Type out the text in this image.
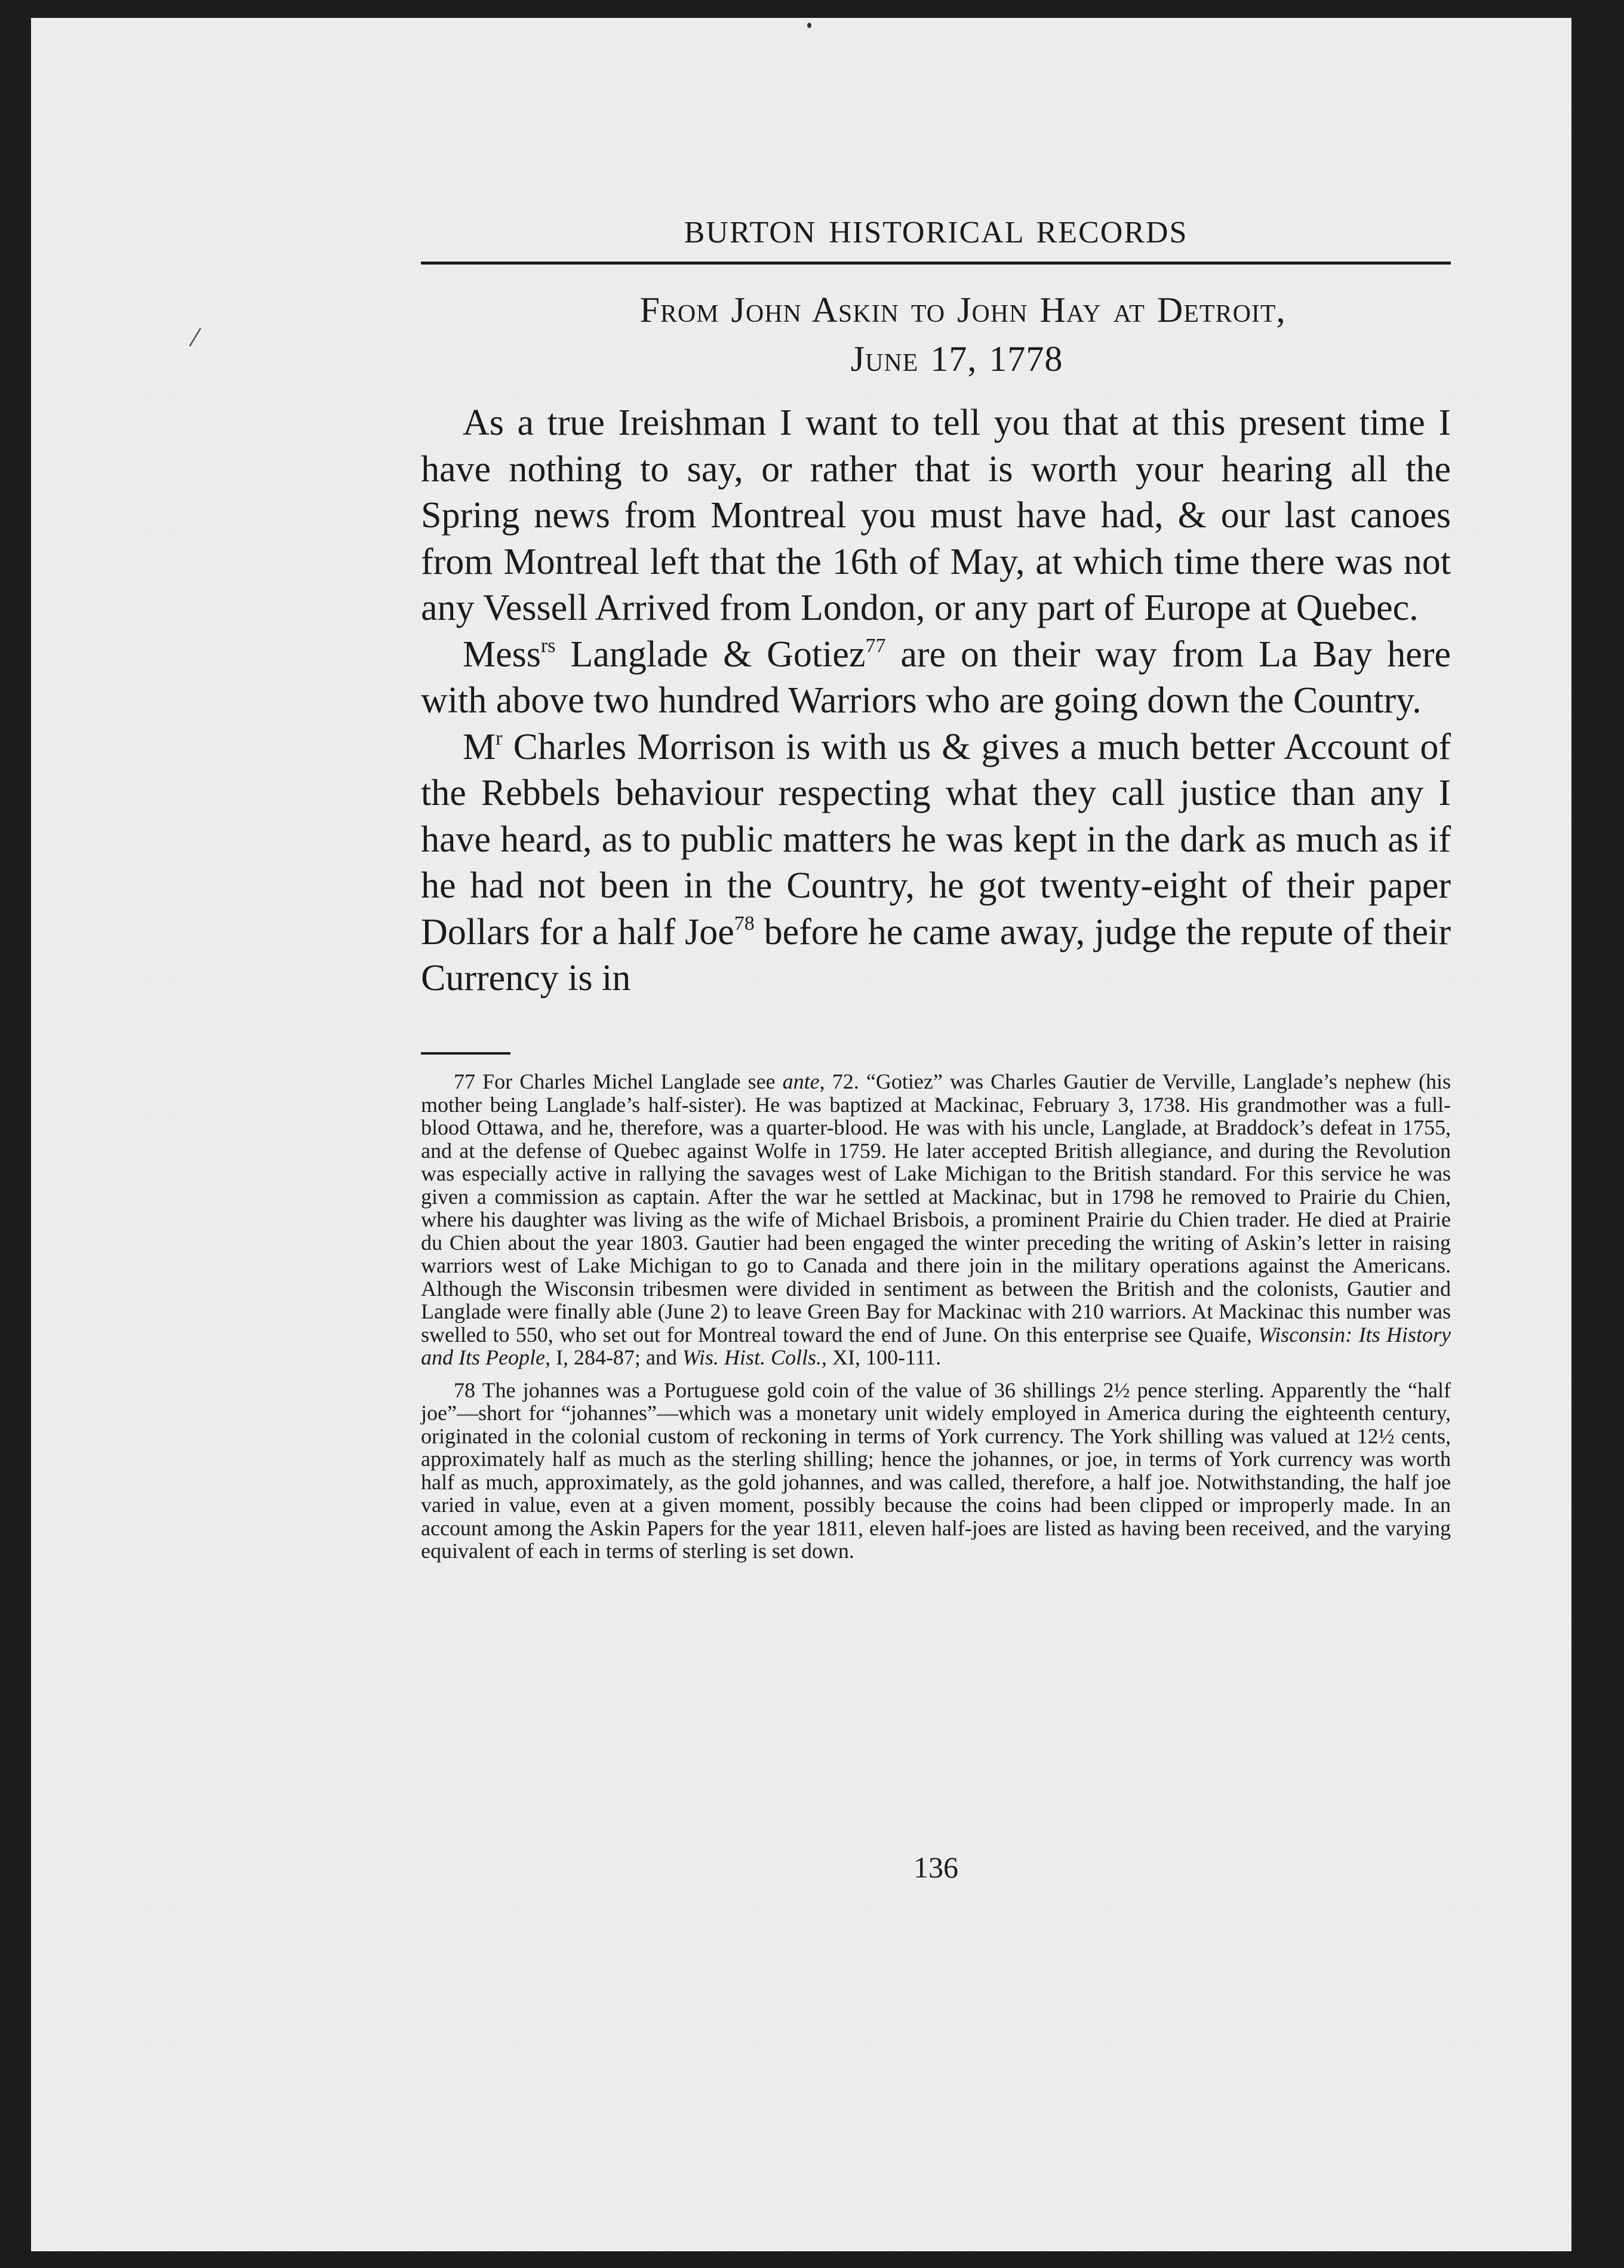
/
BURTON HISTORICAL RECORDS
From John Askin to John Hay at Detroit,
June 17, 1778

As a true Ireishman I want to tell you that at this present time I have nothing to say, or rather that is worth your hearing all the Spring news from Montreal you must have had, & our last canoes from Montreal left that the 16th of May, at which time there was not any Vessell Arrived from London, or any part of Europe at Quebec.

Mess$^{rs}$ Langlade & Gotiez$^{77}$ are on their way from La Bay here with above two hundred Warriors who are going down the Country.

$M^r$ Charles Morrison is with us & gives a much better Account of the Rebbels behaviour respecting what they call justice than any I have heard, as to public matters he was kept in the dark as much as if he had not been in the Country, he got twenty-eight of their paper Dollars for a half Joe$^{78}$ before he came away, judge the repute of their Currency is in

77 For Charles Michel Langlade see ante, 72. “Gotiez” was Charles Gautier de Verville, Langlade’s nephew (his mother being Langlade’s half-sister). He was baptized at Mackinac, February 3, 1738. His grandmother was a full-blood Ottawa, and he, therefore, was a quarter-blood. He was with his uncle, Langlade, at Braddock’s defeat in 1755, and at the defense of Quebec against Wolfe in 1759. He later accepted British allegiance, and during the Revolution was especially active in rallying the savages west of Lake Michigan to the British standard. For this service he was given a commission as captain. After the war he settled at Mackinac, but in 1798 he removed to Prairie du Chien, where his daughter was living as the wife of Michael Brisbois, a prominent Prairie du Chien trader. He died at Prairie du Chien about the year 1803. Gautier had been engaged the winter preceding the writing of Askin’s letter in raising warriors west of Lake Michigan to go to Canada and there join in the military operations against the Americans. Although the Wisconsin tribesmen were divided in sentiment as between the British and the colonists, Gautier and Langlade were finally able (June 2) to leave Green Bay for Mackinac with 210 warriors. At Mackinac this number was swelled to 550, who set out for Montreal toward the end of June. On this enterprise see Quaife, Wisconsin: Its History and Its People, I, 284-87; and Wis. Hist. Colls., XI, 100-111.

78 The johannes was a Portuguese gold coin of the value of 36 shillings 2½ pence sterling. Apparently the “half joe”—short for “johannes”—which was a monetary unit widely employed in America during the eighteenth century, originated in the colonial custom of reckoning in terms of York currency. The York shilling was valued at 12½ cents, approximately half as much as the sterling shilling; hence the johannes, or joe, in terms of York currency was worth half as much, approximately, as the gold johannes, and was called, therefore, a half joe. Notwithstanding, the half joe varied in value, even at a given moment, possibly because the coins had been clipped or improperly made. In an account among the Askin Papers for the year 1811, eleven half-joes are listed as having been received, and the varying equivalent of each in terms of sterling is set down.

136
